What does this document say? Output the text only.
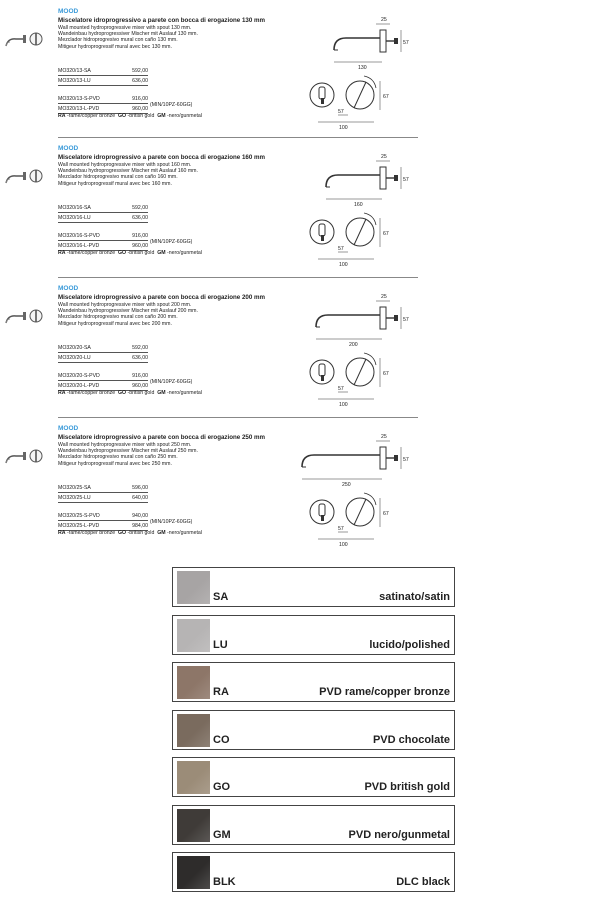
MOOD
Miscelatore idroprogressivo a parete con bocca di erogazione 130 mm
Wall mounted hydroprogressive mixer with spout 130 mm.
Wandeinbau hydroprogressiver Mischer mit Auslauf 130 mm.
Mezclador hidroprogresivo mural con caño 130 mm.
Mitigeur hydroprogressif mural avec bec 130 mm.
MO320/13-SA	592,00
MO320/13-LU	636,00
MO320/13-S-PVD	916,00
MO320/13-L-PVD	960,00
(MIN/10PZ-60GG)
RA -rame/copper bronze GO -british gold GM -nero/gunmetal
25
57
130
67
100
57
MOOD
Miscelatore idroprogressivo a parete con bocca di erogazione 160 mm
Wall mounted hydroprogressive mixer with spout 160 mm.
Wandeinbau hydroprogressiver Mischer mit Auslauf 160 mm.
Mezclador hidroprogresivo mural con caño 160 mm.
Mitigeur hydroprogressif mural avec bec 160 mm.
MO320/16-SA	592,00
MO320/16-LU	636,00
MO320/16-S-PVD	916,00
MO320/16-L-PVD	960,00
(MIN/10PZ-60GG)
RA -rame/copper bronze GO -british gold GM -nero/gunmetal
25
57
160
67
100
57
MOOD
Miscelatore idroprogressivo a parete con bocca di erogazione 200 mm
Wall mounted hydroprogressive mixer with spout 200 mm.
Wandeinbau hydroprogressiver Mischer mit Auslauf 200 mm.
Mezclador hidroprogresivo mural con caño 200 mm.
Mitigeur hydroprogressif mural avec bec 200 mm.
MO320/20-SA	592,00
MO320/20-LU	636,00
MO320/20-S-PVD	916,00
MO320/20-L-PVD	960,00
(MIN/10PZ-60GG)
RA -rame/copper bronze GO -british gold GM -nero/gunmetal
25
57
200
67
100
57
MOOD
Miscelatore idroprogressivo a parete con bocca di erogazione 250 mm
Wall mounted hydroprogressive mixer with spout 250 mm.
Wandeinbau hydroprogressiver Mischer mit Auslauf 250 mm.
Mezclador hidroprogresivo mural con caño 250 mm.
Mitigeur hydroprogressif mural avec bec 250 mm.
MO320/25-SA	596,00
MO320/25-LU	640,00
MO320/25-S-PVD	940,00
MO320/25-L-PVD	984,00
(MIN/10PZ-60GG)
RA -rame/copper bronze GO -british gold GM -nero/gunmetal
25
57
250
67
100
57
SA	satinato/satin
LU	lucido/polished
RA	PVD rame/copper bronze
CO	PVD chocolate
GO	PVD british gold
GM	PVD nero/gunmetal
BLK	DLC black
